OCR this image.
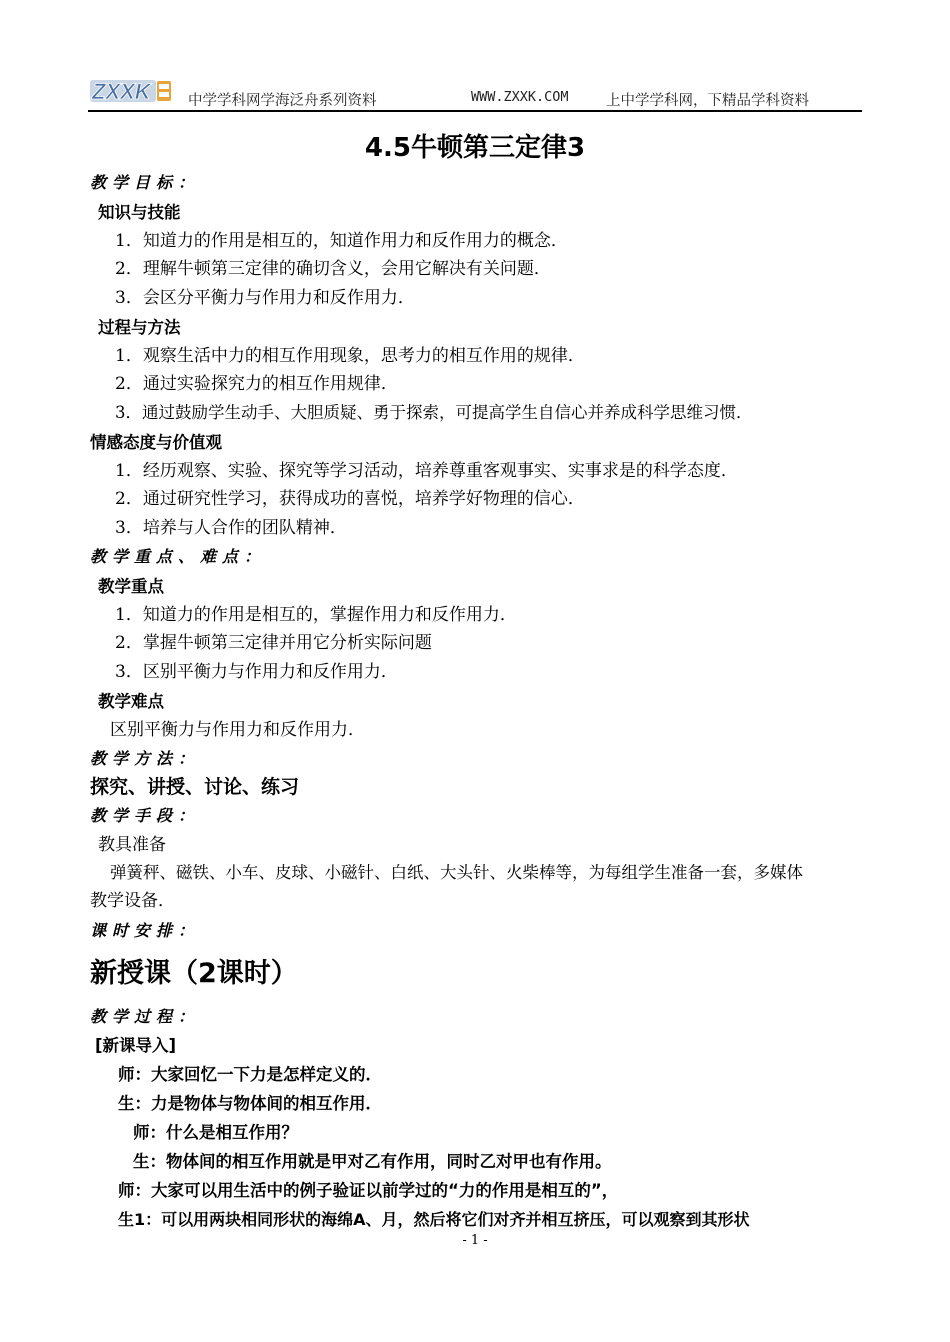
ZXXK	中学学科网学海泛舟系列资料	WWW.ZXXK.COM	上中学学科网，下精品学科资料
4.5牛顿第三定律3
教学目标：
知识与技能
1．知道力的作用是相互的，知道作用力和反作用力的概念．
2．理解牛顿第三定律的确切含义，会用它解决有关问题．
3．会区分平衡力与作用力和反作用力．
过程与方法
1．观察生活中力的相互作用现象，思考力的相互作用的规律．
2．通过实验探究力的相互作用规律．
3．通过鼓励学生动手、大胆质疑、勇于探索，可提高学生自信心并养成科学思维习惯．
情感态度与价值观
1．经历观察、实验、探究等学习活动，培养尊重客观事实、实事求是的科学态度．
2．通过研究性学习，获得成功的喜悦，培养学好物理的信心．
3．培养与人合作的团队精神．
教学重点、难点：
教学重点
1．知道力的作用是相互的，掌握作用力和反作用力．
2．掌握牛顿第三定律并用它分析实际问题
3．区别平衡力与作用力和反作用力．
教学难点
区别平衡力与作用力和反作用力．
教学方法：
探究、讲授、讨论、练习
教学手段：
教具准备
弹簧秤、磁铁、小车、皮球、小磁针、白纸、大头针、火柴棒等，为每组学生准备一套，多媒体
教学设备．
课时安排：
新授课（2课时）
教学过程：
[新课导入]
师：大家回忆一下力是怎样定义的．
生：力是物体与物体间的相互作用．
师：什么是相互作用？
生：物体间的相互作用就是甲对乙有作用，同时乙对甲也有作用。
师：大家可以用生活中的例子验证以前学过的“力的作用是相互的”，
生1：可以用两块相同形状的海绵A、月，然后将它们对齐并相互挤压，可以观察到其形状
- 1 -
